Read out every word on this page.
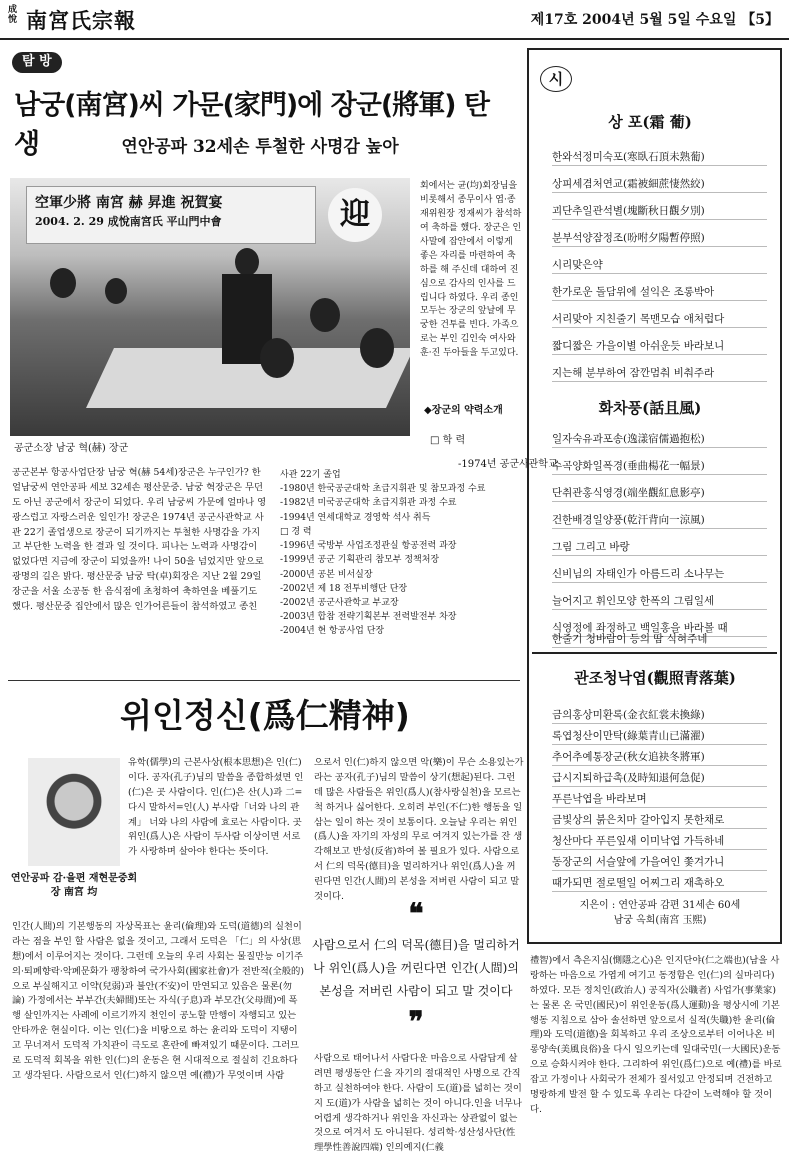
成悅 南宮氏宗報	제17호 2004년 5월 5일 수요일 【5】
탐 방
남궁(南宮)씨 가문(家門)에 장군(將軍) 탄생	연안공파 32세손 투철한 사명감 높아
空軍少將 南宮 赫 昇進 祝賀宴
2004. 2. 29 成悅南宮氏 平山門中會	迎
공군소장 남궁 혁(赫) 장군
회에서는 균(均)회장님을 비롯해서 종무이사 엽·종재위원장 정재씨가 참석하여 축하를 했다. 장군은 인사말에 잡안에서 이렇게 좋은 자리를 마련하여 축하를 해 주신데 대하여 진심으로 감사의 인사를 드립니다 하였다. 우리 종인 모두는 장군의 앞날에 무궁한 건투를 빈다. 가족으로는 부인 김인숙 여사와 훈·진 두아들을 두고있다.
◆장군의 약력소개
□ 학 력
-1974년 공군사관학교
공군본부 항공사업단장 남궁 혁(赫 54세)장군은 누구인가? 한얼남궁씨 연안공파 세보 32세손 평산문중. 남궁 혁장군은 무던도 아닌 공군에서 장군이 되었다. 우리 남궁씨 가문에 얼마나 영광스럽고 자랑스러운 일인가! 장군은 1974년 공군사관학교 사관 22기 졸업생으로 장군이 되기까지는 투철한 사명감을 가지고 부단한 노력을 한 결과 일 것이다. 피나는 노력과 사명감이 없었다면 지금에 장군이 되었을까! 나이 50을 넘었지만 앞으로 광명의 길은 밝다. 평산문중 남궁 탁(卓)회장은 지난 2월 29일 장군을 서울 소공동 한 음식점에 초청하여 축하연을 베풀기도 했다. 평산문중 집안에서 많은 인가어른들이 참석하였고 종친
사관 22기 졸업
-1980년 한국공군대학 초급지휘관 및 참모과정 수료
-1982년 미국공군대학 초급지휘관 과정 수료
-1994년 연세대학교 경영학 석사 취득
□ 경 력
-1996년 국방부 사업조정관실 항공전력 과장
-1999년 공군 기획관리 참모부 정책처장
-2000년 공본 비서실장
-2002년 제 18 전투비행단 단장
-2002년 공군사관학교 부교장
-2003년 합참 전략기획본부 전력발전부 차장
-2004년 현 항공사업 단장
시
상 포(霜 葡)
한와석정미숙포(寒臥石頂未熟葡)
상피세겸처연교(霜被細蔗悽然絞)
괴단추일관석별(塊斷秋日觀夕別)
분부석양잠정조(吩咐夕陽暫停照)
시리맞은약
한가로운 돌담위에 설익은 조롱박아
서리맞아 지친줄기 목맨모습 애처럽다
짧디짧은 가을이별 아쉬운듯 바라보니
지는해 분부하여 잠깐멈춰 비춰주라
화차풍(話且風)
일자숙유과포송(逸漾宿儒過抱松)
수곡양화일폭경(垂曲楊花一幅景)
단취관홍식영경(端坐觀紅息影亭)
건한배경일양풍(乾汗背向一涼風)
그림 그리고 바랑
신비님의 자태인가 아름드리 소나무는
늘어지고 휘인모양 한폭의 그림일세
식영정에 좌정하고 백일홍을 바라볼 때
한줄기 청바람이 등의 땀 식혀주네
관조청낙엽(觀照青落葉)
금의홍상미환록(金衣紅裳未換綠)
록엽청산이만탁(綠葉青山已滿濯)
추어추예통장군(秋女追袂冬將軍)
급시지퇴하급촉(及時知退何急促)
푸른낙엽을 바라보며
금빛상의 붉은치마 갈아입지 못한채로
청산마다 푸른잎새 이미낙엽 가득하네
동장군의 서슬앞에 가을여인 쫓겨가니
때가되면 절로떨일 어찌그리 재촉하오
지은이 : 연안공파 감편 31세손 60세
남궁 옥희(南宮 玉熙)
위인정신(爲仁精神)
연안공파 감·을편 재현문중회장 南宮 均
유학(儒學)의 근본사상(根本思想)은 인(仁)이다. 공자(孔子)님의 말씀을 종합하셨면 인(仁)은 곳 사람이다. 인(仁)은 산(人)과 二=다시 말하서=인(人) 부사람「너와 나의 관계」 너와 나의 사람에 효로는 사람이다. 곳 위인(爲人)은 사람이 두사람 이상이면 서로가 사랑하며 살아야 한다는 뜻이다.
으로서 인(仁)하지 않으면 악(樂)이 무슨 소용있는가 라는 공자(孔子)님의 말씀이 상기(想起)된다. 그런데 많은 사람들은 위인(爲人)(참사랑실천)을 모르는 척 하거나 싫어한다. 오히려 부인(不仁)한 행동을 일삼는 일이 하는 것이 보통이다. 오늘날 우리는 위인(爲人)을 자기의 자성의 무로 여겨지 있는가를 잔 생각해보고 반성(反省)하여 볼 필요가 있다. 사람으로서 仁의 덕목(德目)을 멀리하거나 위인(爲人)을 꺼린다면 인간(人間)의 본성을 저버린 사람이 되고 말 것이다.
인간(人間)의 기본행동의 자상목표는 윤리(倫理)와 도덕(道德)의 실천이라는 점을 부인 할 사람은 없을 것이고, 그래서 도덕은 「仁」의 사상(思想)에서 이루어지는 것이다. 그런데 오늘의 우리 사회는 물질만능 이기주의·퇴폐향락·악폐문화가 팽창하여 국가사회(國家社會)가 전반적(全般的)으로 부실해지고 이약(兒弱)과 불안(不安)이 만연되고 있음은 물론(勿論) 가정에서는 부부간(夫婦間)또는 자식(子息)과 부모간(父母間)에 폭행 살인까지는 사례에 이르기까지 천인이 공노할 만행이 자행되고 있는 안타까운 현실이다. 이는 인(仁)을 비탕으로 하는 윤리와 도덕이 지탱이고 무너져서 도덕적 가치관이 극도로 혼란에 빠져있기 때문이다. 그러므로 도덕적 회복을 위한 인(仁)의 운동은 현 시대적으로 절실히 긴요하다고 생각된다. 사람으로서 인(仁)하지 않으면 예(禮)가 무엇이며 사람
❝
사람으로서 仁의 덕목(德目)을 멀리하거나 위인(爲人)을 꺼린다면 인간(人間)의 본성을 저버린 사람이 되고 말 것이다
❞
사람으로 태어나서 사람다운 마음으로 사람답게 살려면 평생동안 仁을 자기의 절대적인 사명으로 간직하고 실천하여야 한다. 사람이 도(道)를 넓히는 것이지 도(道)가 사람을 넓히는 것이 아니다.인을 너무나 어렵게 생각하거나 위인을 자신과는 상관없이 없는 것으로 여겨서 도 아니된다. 성리학·성산성사단(性理學性善說四端) 인의예지(仁義
禮智)에서 측은지심(惻隱之心)은 인지단야(仁之端也)(남을 사랑하는 마음으로 가엽게 여기고 동정함은 인(仁)의 실마리다)하였다. 모든 정치인(政治人) 공직자(公職者) 사업가(事業家)는 물론 온 국민(國民)이 위인운동(爲人運動)을 평상시에 기본행동 지침으로 삼아 솔선하면 앞으로서 실적(失職)한 윤리(倫理)와 도덕(道德)을 회복하고 우리 조상으로부터 이어나온 비롱양속(美風良俗)을 다시 일으키는데 일대국민(一大國民)운동으로 승화시켜야 한다. 그리하여 위인(爲仁)으로 예(禮)를 바로잡고 가정이나 사회국가 전체가 질서있고 안정되며 건전하고 명랑하게 발전 할 수 있도록 우리는 다같이 노력해야 할 것이다.
